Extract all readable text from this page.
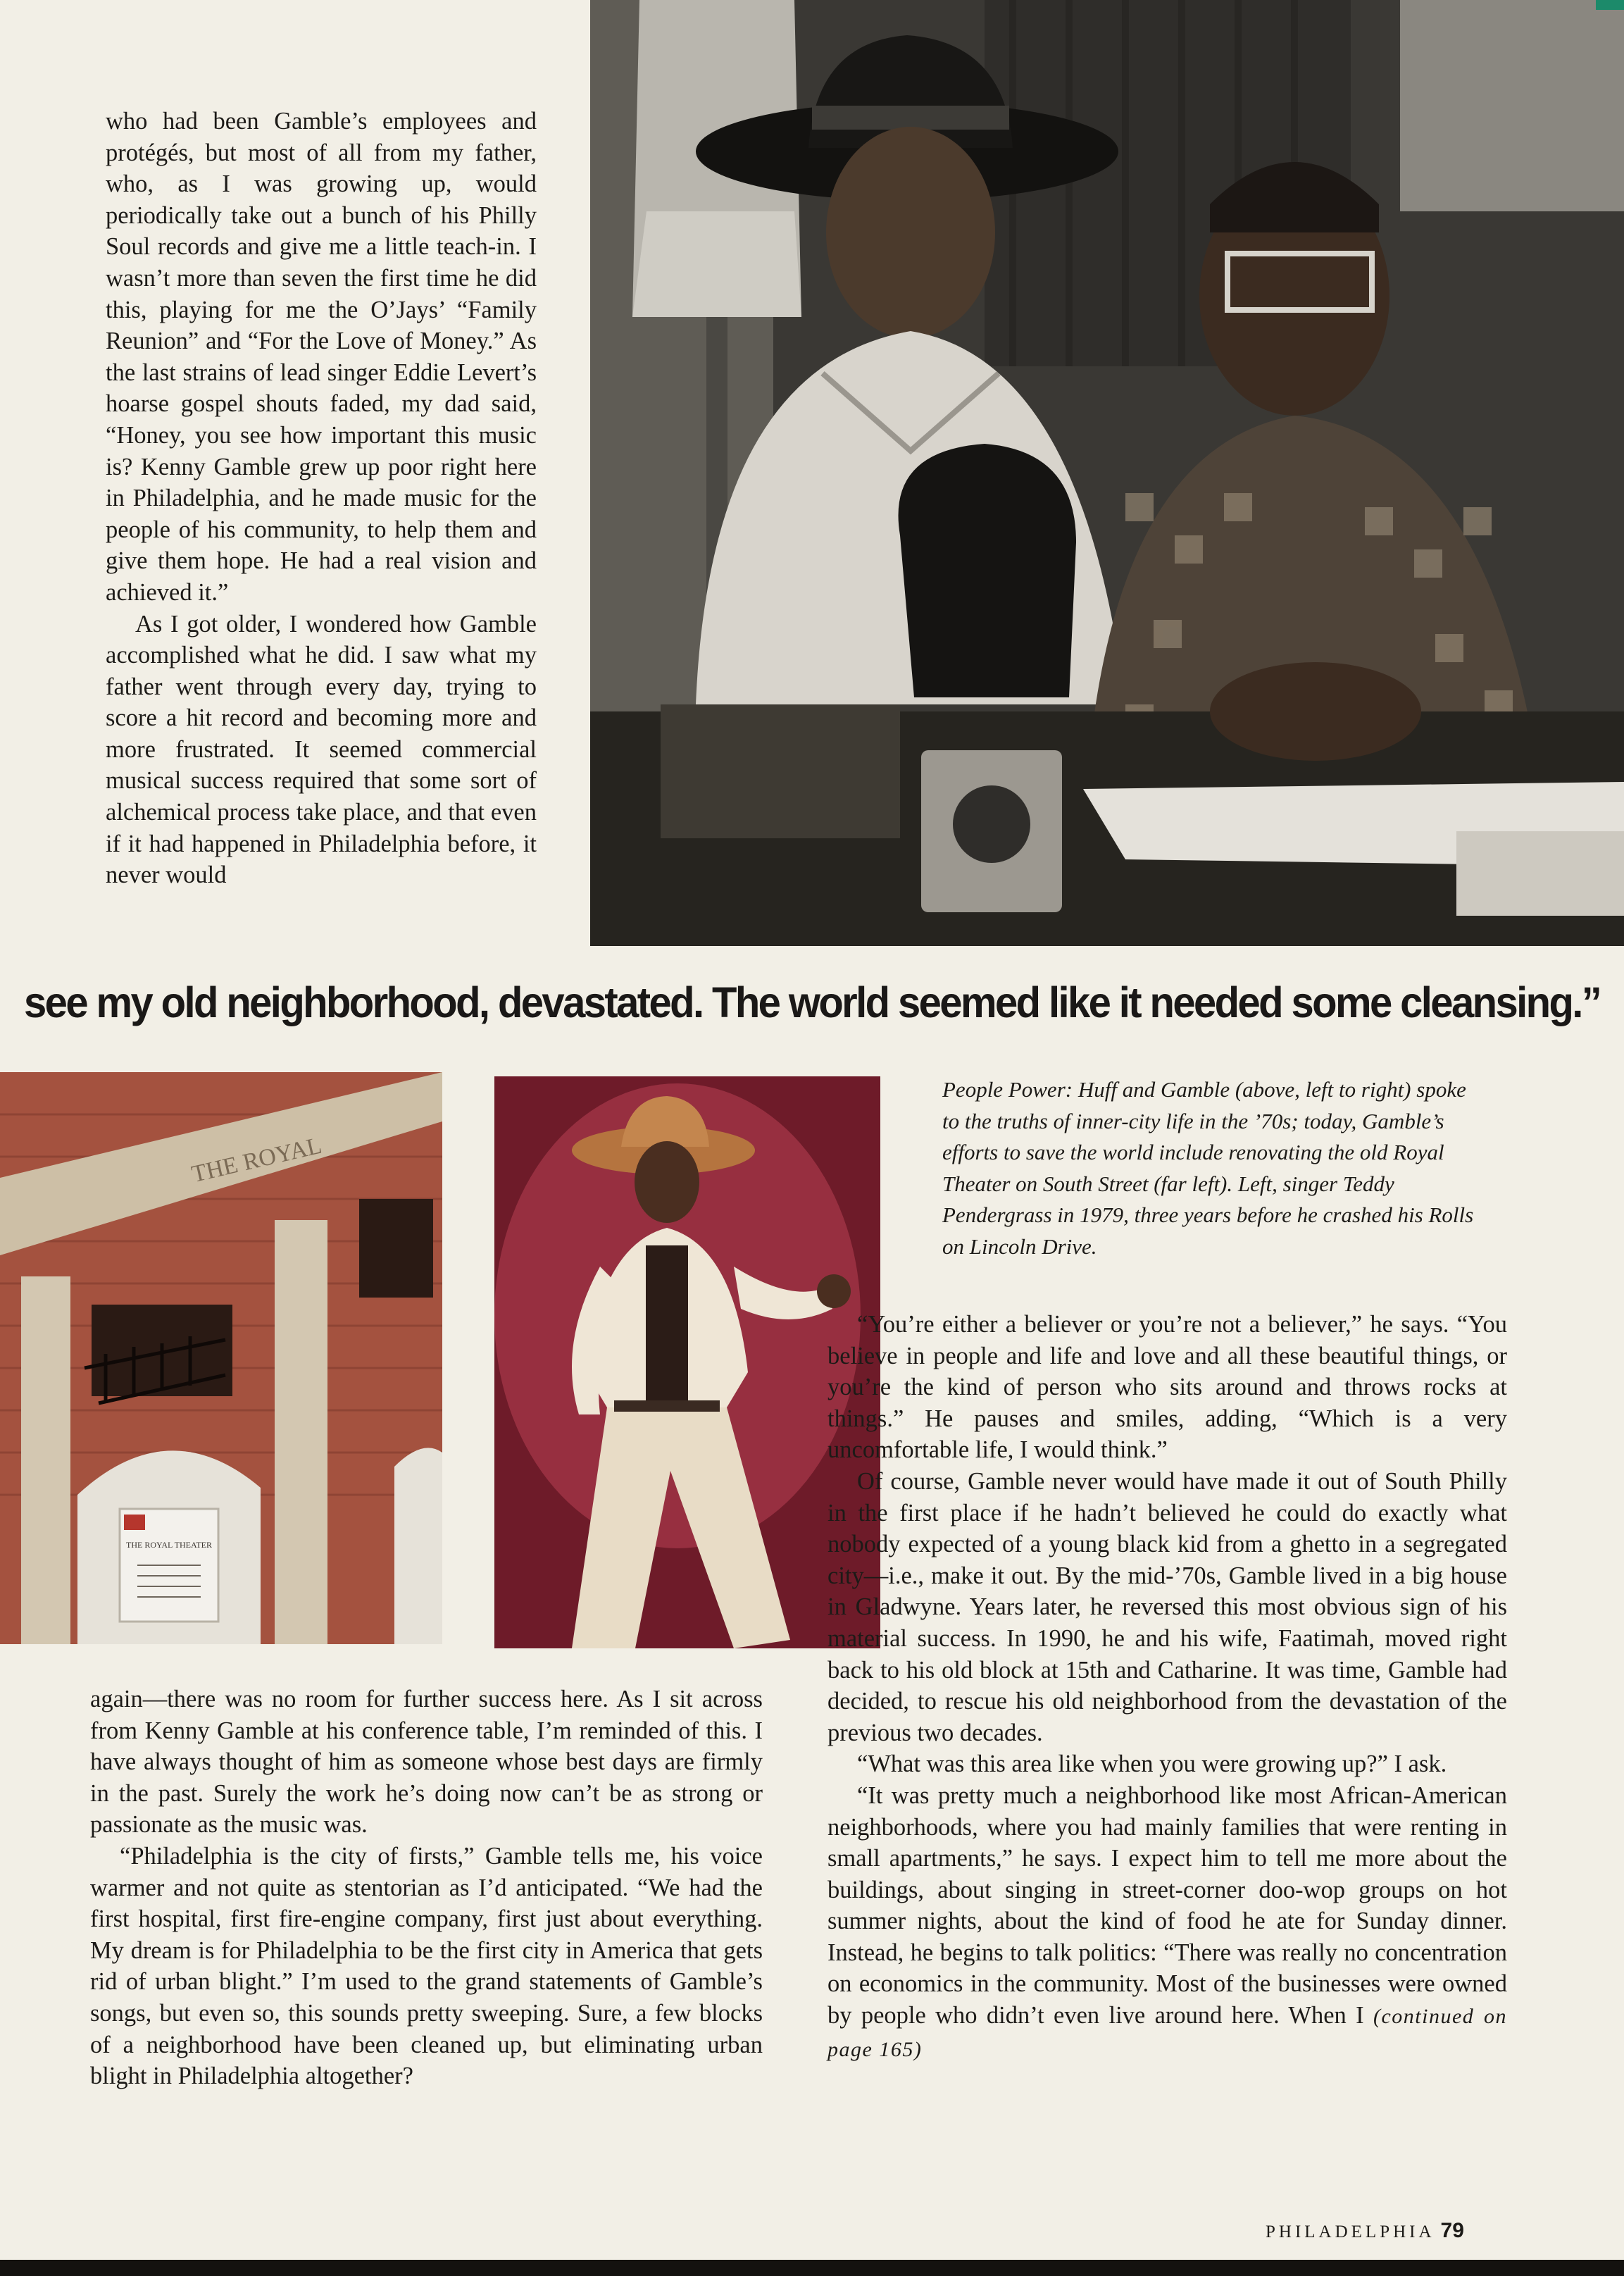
who had been Gamble’s employees and protégés, but most of all from my father, who, as I was growing up, would periodically take out a bunch of his Philly Soul records and give me a little teach-in. I wasn’t more than seven the first time he did this, playing for me the O’Jays’ “Family Reunion” and “For the Love of Money.” As the last strains of lead singer Eddie Levert’s hoarse gospel shouts faded, my dad said, “Honey, you see how important this music is? Kenny Gamble grew up poor right here in Philadelphia, and he made music for the people of his community, to help them and give them hope. He had a real vision and achieved it.”

As I got older, I wondered how Gamble accomplished what he did. I saw what my father went through every day, trying to score a hit record and becoming more and more frustrated. It seemed commercial musical success required that some sort of alchemical process take place, and that even if it had happened in Philadelphia before, it never would

see my old neighborhood, devastated. The world seemed like it needed some cleansing.”
THE ROYAL
THE ROYAL THEATER
People Power: Huff and Gamble (above, left to right) spoke to the truths of inner-city life in the ’70s; today, Gamble’s efforts to save the world include renovating the old Royal Theater on South Street (far left). Left, singer Teddy Pendergrass in 1979, three years before he crashed his Rolls on Lincoln Drive.

“You’re either a believer or you’re not a believer,” he says. “You believe in people and life and love and all these beautiful things, or you’re the kind of person who sits around and throws rocks at things.” He pauses and smiles, adding, “Which is a very uncomfortable life, I would think.”

Of course, Gamble never would have made it out of South Philly in the first place if he hadn’t believed he could do exactly what nobody expected of a young black kid from a ghetto in a segregated city—i.e., make it out. By the mid-’70s, Gamble lived in a big house in Gladwyne. Years later, he reversed this most obvious sign of his material success. In 1990, he and his wife, Faatimah, moved right back to his old block at 15th and Catharine. It was time, Gamble had decided, to rescue his old neighborhood from the devastation of the previous two decades.

“What was this area like when you were growing up?” I ask.

“It was pretty much a neighborhood like most African-American neighborhoods, where you had mainly families that were renting in small apartments,” he says. I expect him to tell me more about the buildings, about singing in street-corner doo-wop groups on hot summer nights, about the kind of food he ate for Sunday dinner. Instead, he begins to talk politics: “There was really no concentration on economics in the community. Most of the businesses were owned by people who didn’t even live around here. When I (continued on page 165)

again—there was no room for further success here. As I sit across from Kenny Gamble at his conference table, I’m reminded of this. I have always thought of him as someone whose best days are firmly in the past. Surely the work he’s doing now can’t be as strong or passionate as the music was.

“Philadelphia is the city of firsts,” Gamble tells me, his voice warmer and not quite as stentorian as I’d anticipated. “We had the first hospital, first fire-engine company, first just about everything. My dream is for Philadelphia to be the first city in America that gets rid of urban blight.” I’m used to the grand statements of Gamble’s songs, but even so, this sounds pretty sweeping. Sure, a few blocks of a neighborhood have been cleaned up, but eliminating urban blight in Philadelphia altogether?

PHILADELPHIA 79
